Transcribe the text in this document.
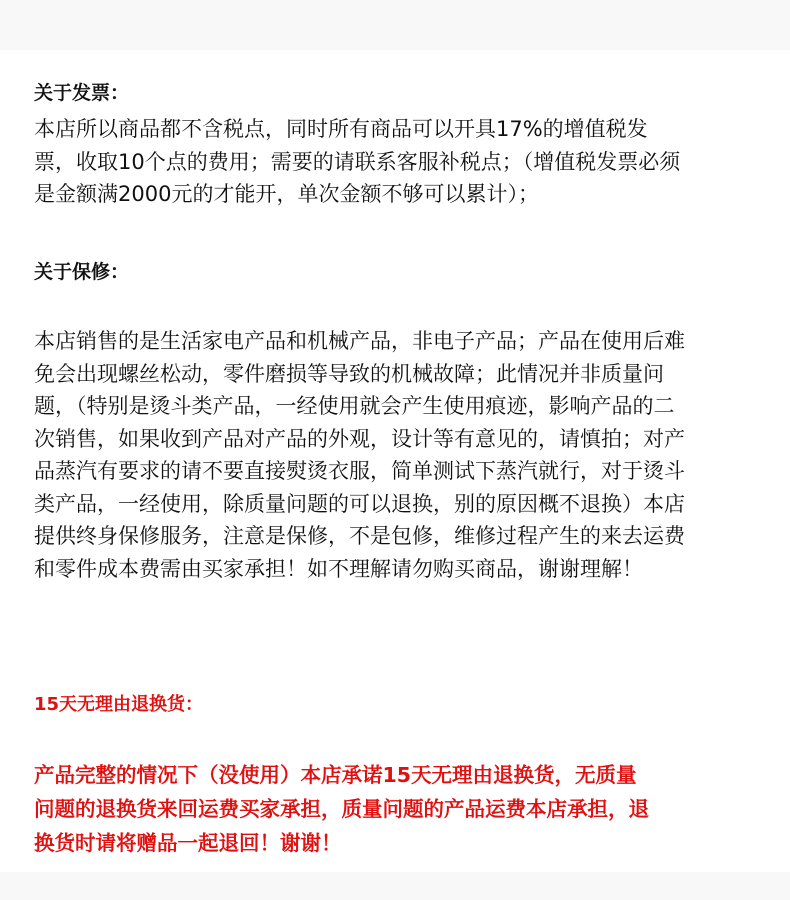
关于发票：
本店所以商品都不含税点，同时所有商品可以开具17%的增值税发
票，收取10个点的费用；需要的请联系客服补税点；（增值税发票必须
是金额满2000元的才能开，单次金额不够可以累计）；
关于保修：
本店销售的是生活家电产品和机械产品，非电子产品；产品在使用后难
免会出现螺丝松动，零件磨损等导致的机械故障；此情况并非质量问
题，（特别是烫斗类产品，一经使用就会产生使用痕迹，影响产品的二
次销售，如果收到产品对产品的外观，设计等有意见的，请慎拍；对产
品蒸汽有要求的请不要直接熨烫衣服，简单测试下蒸汽就行，对于烫斗
类产品，一经使用，除质量问题的可以退换，别的原因概不退换）本店
提供终身保修服务，注意是保修，不是包修，维修过程产生的来去运费
和零件成本费需由买家承担！如不理解请勿购买商品，谢谢理解！
15天无理由退换货：
产品完整的情况下（没使用）本店承诺15天无理由退换货，无质量
问题的退换货来回运费买家承担，质量问题的产品运费本店承担，退
换货时请将赠品一起退回！谢谢！
